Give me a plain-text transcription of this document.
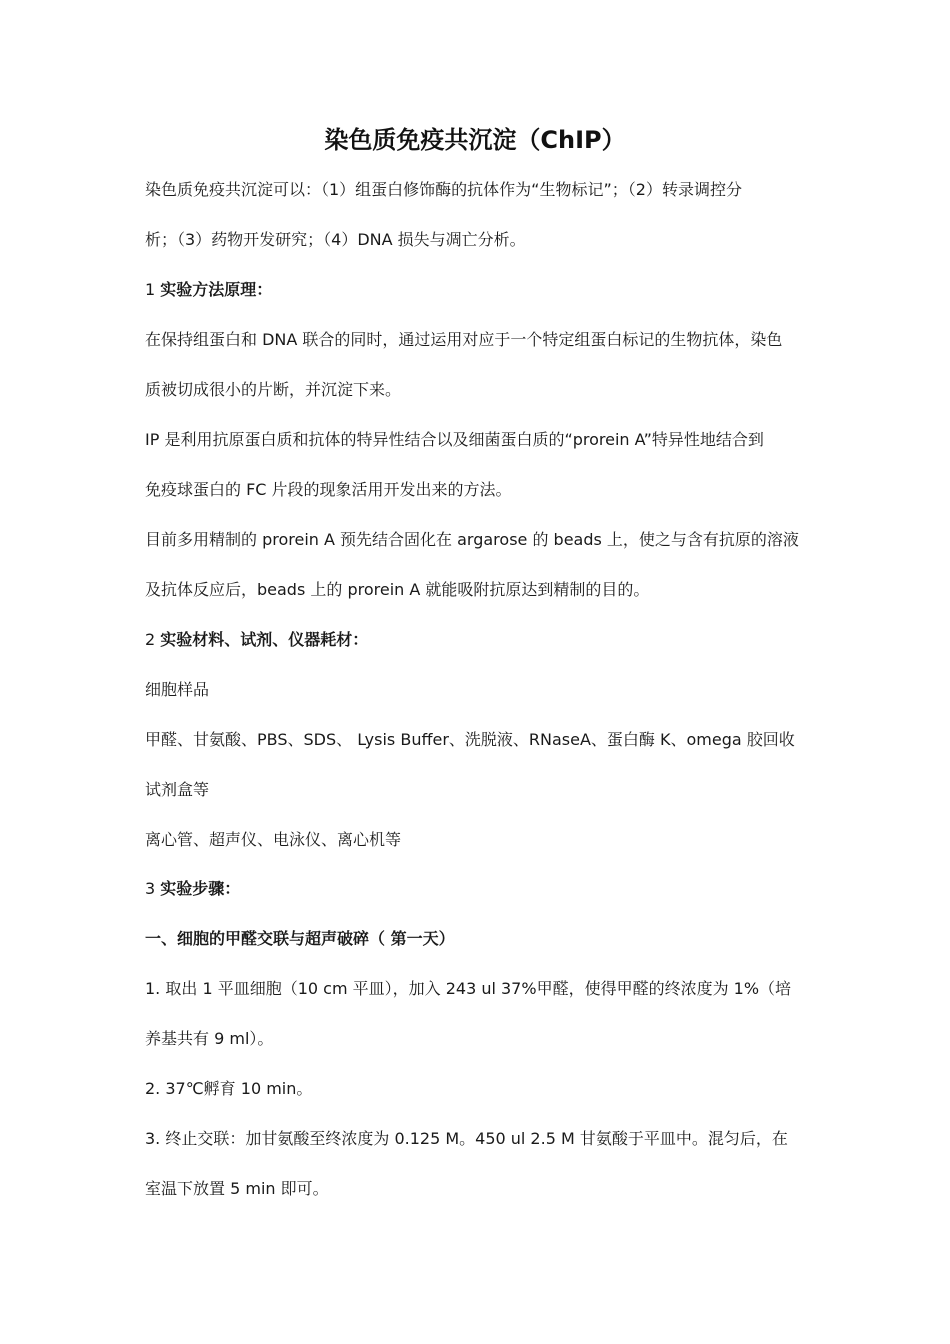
染色质免疫共沉淀（ChIP）
染色质免疫共沉淀可以：（1）组蛋白修饰酶的抗体作为“生物标记”；（2）转录调控分
析；（3）药物开发研究；（4）DNA 损失与凋亡分析。
1 实验方法原理：
在保持组蛋白和 DNA 联合的同时，通过运用对应于一个特定组蛋白标记的生物抗体，染色
质被切成很小的片断，并沉淀下来。
IP 是利用抗原蛋白质和抗体的特异性结合以及细菌蛋白质的“prorein A”特异性地结合到
免疫球蛋白的 FC 片段的现象活用开发出来的方法。
目前多用精制的 prorein A 预先结合固化在 argarose 的 beads 上，使之与含有抗原的溶液
及抗体反应后，beads 上的 prorein A 就能吸附抗原达到精制的目的。
2 实验材料、试剂、仪器耗材：
细胞样品
甲醛、甘氨酸、PBS、SDS、 Lysis Buffer、洗脱液、RNaseA、蛋白酶 K、omega 胶回收
试剂盒等
离心管、超声仪、电泳仪、离心机等
3 实验步骤：
一、细胞的甲醛交联与超声破碎（ 第一天）
1. 取出 1 平皿细胞（10 cm 平皿），加入 243 ul 37%甲醛，使得甲醛的终浓度为 1%（培
养基共有 9 ml）。
2. 37℃孵育 10 min。
3. 终止交联：加甘氨酸至终浓度为 0.125 M。450 ul 2.5 M 甘氨酸于平皿中。混匀后，在
室温下放置 5 min 即可。
